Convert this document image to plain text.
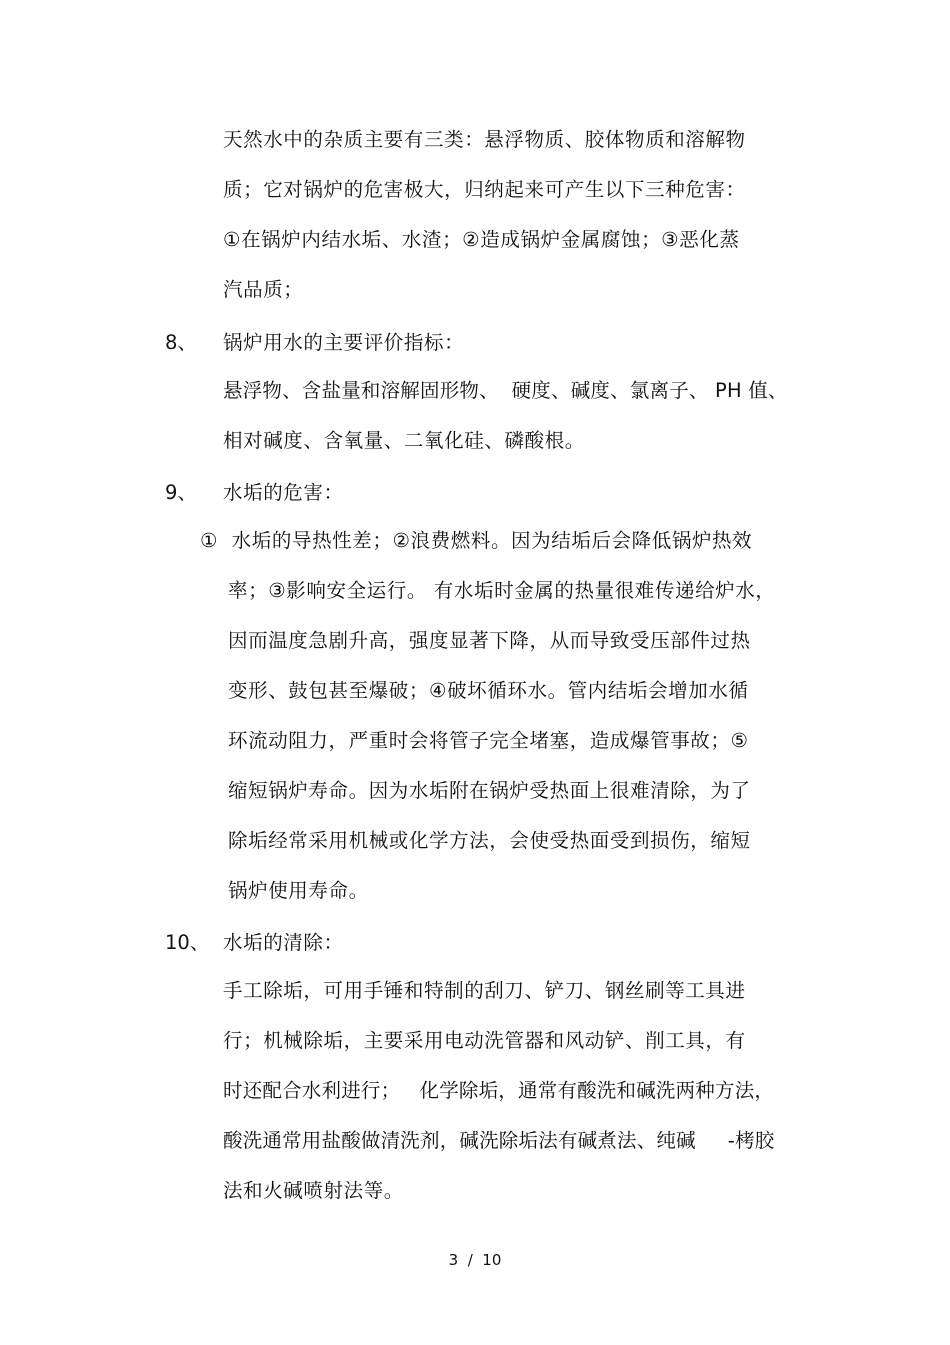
天然水中的杂质主要有三类：悬浮物质、胶体物质和溶解物
质；它对锅炉的危害极大，归纳起来可产生以下三种危害：
①在锅炉内结水垢、水渣；②造成锅炉金属腐蚀；③恶化蒸
汽品质；
8、 锅炉用水的主要评价指标：
悬浮物、含盐量和溶解固形物、  硬度、碱度、氯离子、 PH 值、
相对碱度、含氧量、二氧化硅、磷酸根。
9、 水垢的危害：
①  水垢的导热性差；②浪费燃料。因为结垢后会降低锅炉热效
率；③影响安全运行。 有水垢时金属的热量很难传递给炉水，
因而温度急剧升高，强度显著下降，从而导致受压部件过热
变形、鼓包甚至爆破；④破坏循环水。管内结垢会增加水循
环流动阻力，严重时会将管子完全堵塞，造成爆管事故；⑤
缩短锅炉寿命。因为水垢附在锅炉受热面上很难清除，为了
除垢经常采用机械或化学方法，会使受热面受到损伤，缩短
锅炉使用寿命。
10、 水垢的清除：
手工除垢，可用手锤和特制的刮刀、铲刀、钢丝刷等工具进
行；机械除垢，主要采用电动洗管器和风动铲、削工具，有
时还配合水利进行；   化学除垢，通常有酸洗和碱洗两种方法，
酸洗通常用盐酸做清洗剂，碱洗除垢法有碱煮法、纯碱     -栲胶
法和火碱喷射法等。
3  /  10
